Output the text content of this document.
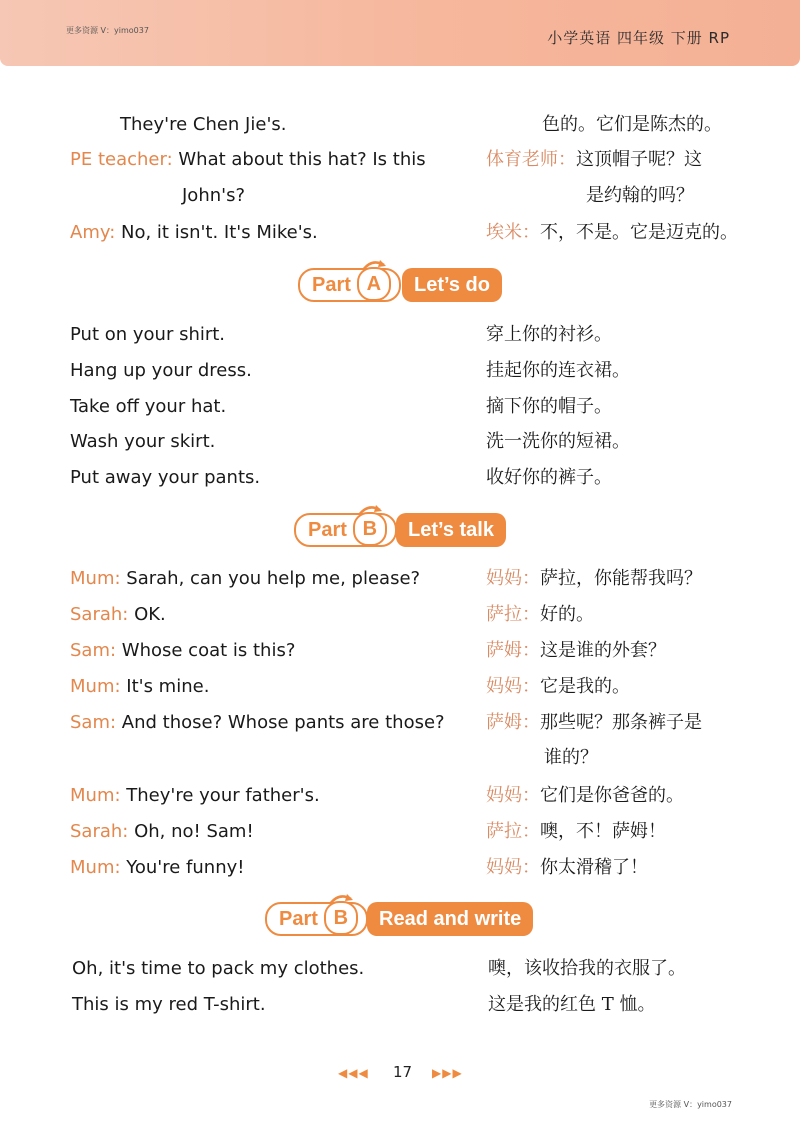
更多资源 V：yimo037	小学英语 四年级 下册 RP
They're Chen Jie's.	色的。它们是陈杰的。
PE teacher: What about this hat? Is this	体育老师：这顶帽子呢？这
John's?	是约翰的吗？
Amy: No, it isn't. It's Mike's.	埃米：不，不是。它是迈克的。
Part A	Let’s do
Put on your shirt.	穿上你的衬衫。
Hang up your dress.	挂起你的连衣裙。
Take off your hat.	摘下你的帽子。
Wash your skirt.	洗一洗你的短裙。
Put away your pants.	收好你的裤子。
Part B	Let’s talk
Mum: Sarah, can you help me, please?	妈妈：萨拉，你能帮我吗？
Sarah: OK.	萨拉：好的。
Sam: Whose coat is this?	萨姆：这是谁的外套？
Mum: It's mine.	妈妈：它是我的。
Sam: And those? Whose pants are those?	萨姆：那些呢？那条裤子是
谁的？
Mum: They're your father's.	妈妈：它们是你爸爸的。
Sarah: Oh, no! Sam!	萨拉：噢，不！萨姆！
Mum: You're funny!	妈妈：你太滑稽了！
Part B	Read and write
Oh, it's time to pack my clothes.	噢，该收拾我的衣服了。
This is my red T-shirt.	这是我的红色 T 恤。
◀◀◀ 17 ▶▶▶
更多资源 V：yimo037
